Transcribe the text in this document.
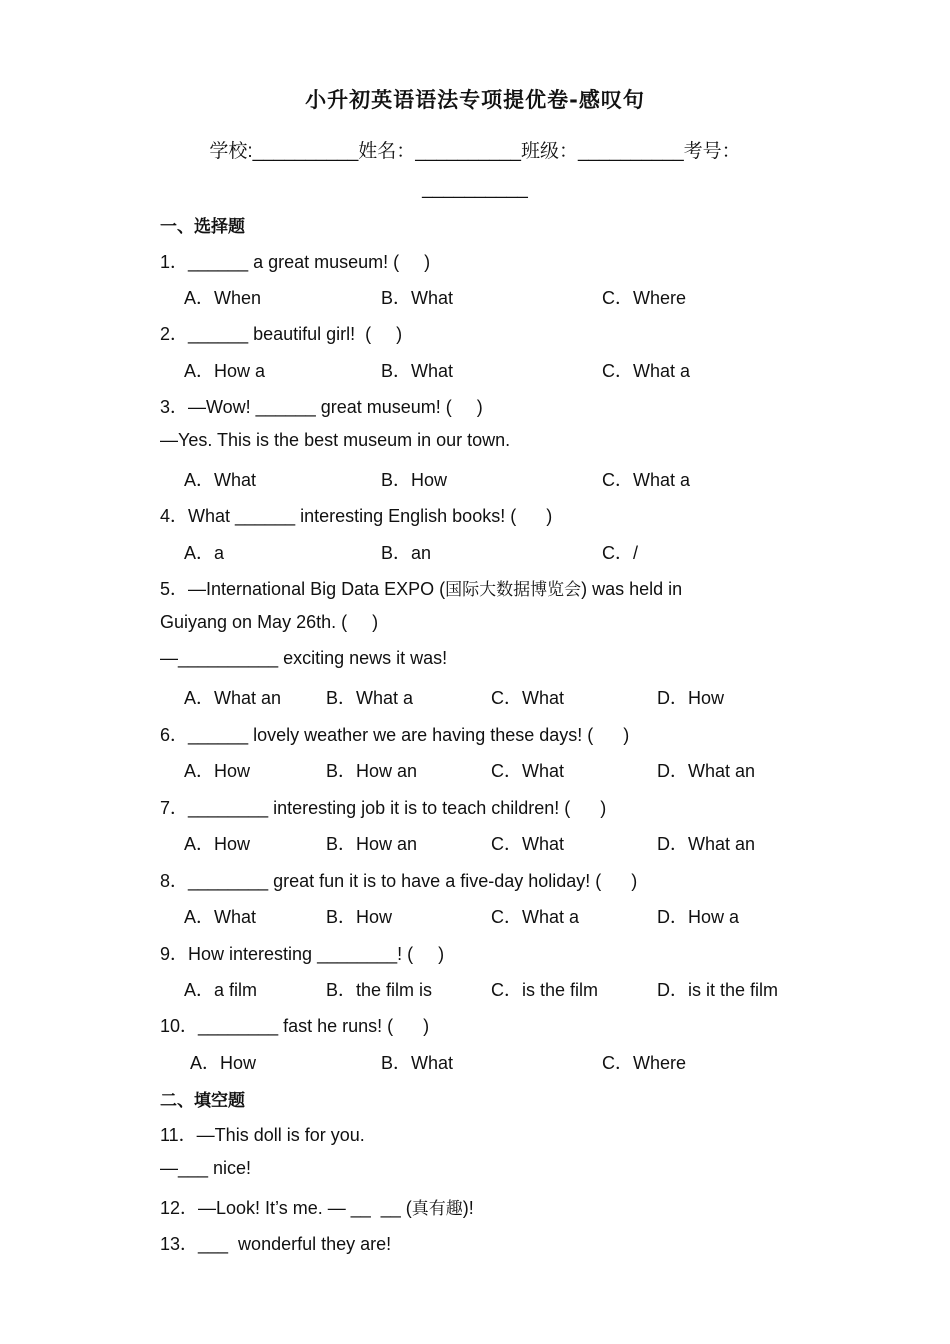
小升初英语语法专项提优卷-感叹句
学校:__________姓名：__________班级：__________考号：
__________
一、选择题
1．______ a great museum! (     )
A．When	B．What	C．Where
2．______ beautiful girl!  (     )
A．How a	B．What	C．What a
3．—Wow! ______ great museum! (     )
—Yes. This is the best museum in our town.
A．What	B．How	C．What a
4．What ______ interesting English books! (      )
A．a	B．an	C．/
5．—International Big Data EXPO (国际大数据博览会) was held in
Guiyang on May 26th. (     )
—__________ exciting news it was!
A．What an B．What a	C．What	D．How
6．______ lovely weather we are having these days! (      )
A．How	B．How an	C．What	D．What an
7．________ interesting job it is to teach children! (      )
A．How	B．How an	C．What	D．What an
8．________ great fun it is to have a five-day holiday! (      )
A．What	B．How	C．What a	D．How a
9．How interesting ________! (     )
A．a film	B．the film is	C．is the film	D．is it the film
10．________ fast he runs! (      )
A．How	B．What	C．Where
二、填空题
11．—This doll is for you.
—___ nice!
12．—Look! It’s me. — __  __ (真有趣)!
13．___  wonderful they are!
